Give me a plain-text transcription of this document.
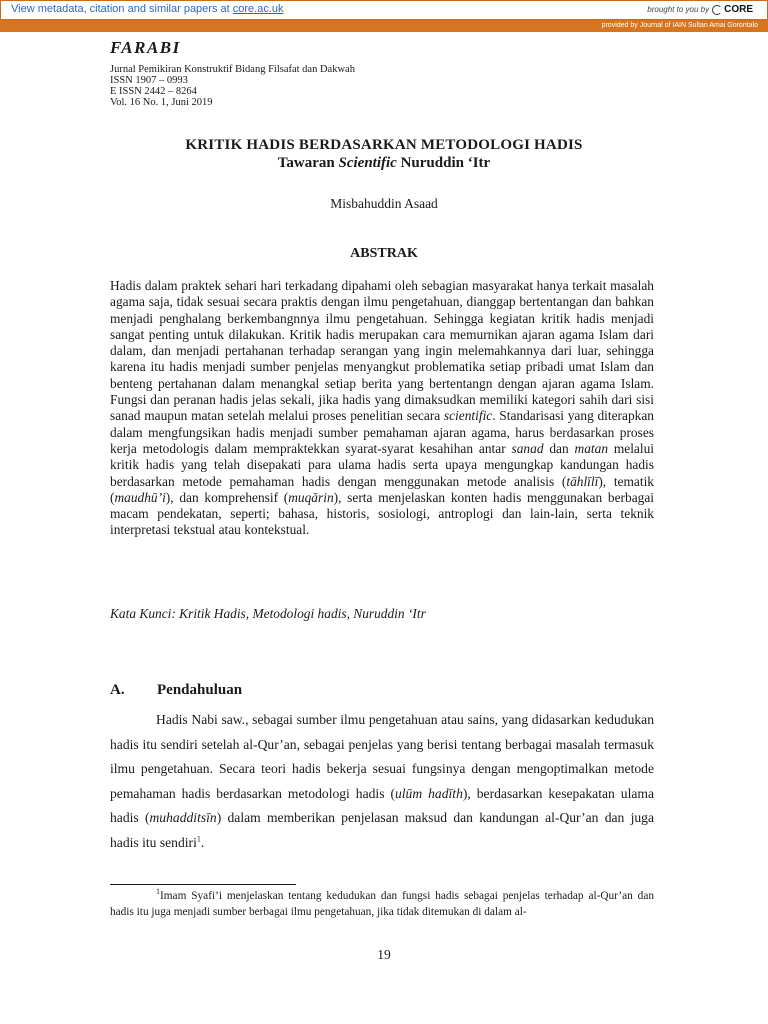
View metadata, citation and similar papers at core.ac.uk	brought to you by CORE
provided by Journal of IAIN Sultan Amai Gorontalo
FARABI
Jurnal Pemikiran Konstruktif Bidang Filsafat dan Dakwah
ISSN 1907 – 0993
E ISSN 2442 – 8264
Vol. 16 No. 1, Juni 2019
KRITIK HADIS BERDASARKAN METODOLOGI HADIS
Tawaran Scientific Nuruddin ‘Itr
Misbahuddin Asaad
ABSTRAK
Hadis dalam praktek sehari hari terkadang dipahami oleh sebagian masyarakat hanya terkait masalah agama saja, tidak sesuai secara praktis dengan ilmu pengetahuan, dianggap bertentangan dan bahkan menjadi penghalang berkembangnnya ilmu pengetahuan. Sehingga kegiatan kritik hadis menjadi sangat penting untuk dilakukan. Kritik hadis merupakan cara memurnikan ajaran agama Islam dari dalam, dan menjadi pertahanan terhadap serangan yang ingin melemahkannya dari luar, sehingga karena itu hadis menjadi sumber penjelas menyangkut problematika setiap pribadi umat Islam dan benteng pertahanan dalam menangkal setiap berita yang bertentangn dengan ajaran agama Islam. Fungsi dan peranan hadis jelas sekali, jika hadis yang dimaksudkan memiliki kategori sahih dari sisi sanad maupun matan setelah melalui proses penelitian secara scientific. Standarisasi yang diterapkan dalam mengfungsikan hadis menjadi sumber pemahaman ajaran agama, harus berdasarkan proses kerja metodologis dalam mempraktekkan syarat-syarat kesahihan antar sanad dan matan melalui kritik hadis yang telah disepakati para ulama hadis serta upaya mengungkap kandungan hadis berdasarkan metode pemahaman hadis dengan menggunakan metode analisis (tāhlīlī), tematik (maudhū’i), dan komprehensif (muqārin), serta menjelaskan konten hadis menggunakan berbagai macam pendekatan, seperti; bahasa, historis, sosiologi, antroplogi dan lain-lain, serta teknik interpretasi tekstual atau kontekstual.
Kata Kunci: Kritik Hadis, Metodologi hadis, Nuruddin ‘Itr
A. Pendahuluan
Hadis Nabi saw., sebagai sumber ilmu pengetahuan atau sains, yang didasarkan kedudukan hadis itu sendiri setelah al-Qur’an, sebagai penjelas yang berisi tentang berbagai masalah termasuk ilmu pengetahuan. Secara teori hadis bekerja sesuai fungsinya dengan mengoptimalkan metode pemahaman hadis berdasarkan metodologi hadis (ulūm hadīth), berdasarkan kesepakatan ulama hadis (muhadditsīn) dalam memberikan penjelasan maksud dan kandungan al-Qur’an dan juga hadis itu sendiri$^1$.
$^1$Imam Syafi’i menjelaskan tentang kedudukan dan fungsi hadis sebagai penjelas terhadap al-Qur’an dan hadis itu juga menjadi sumber berbagai ilmu pengetahuan, jika tidak ditemukan di dalam al-
19
